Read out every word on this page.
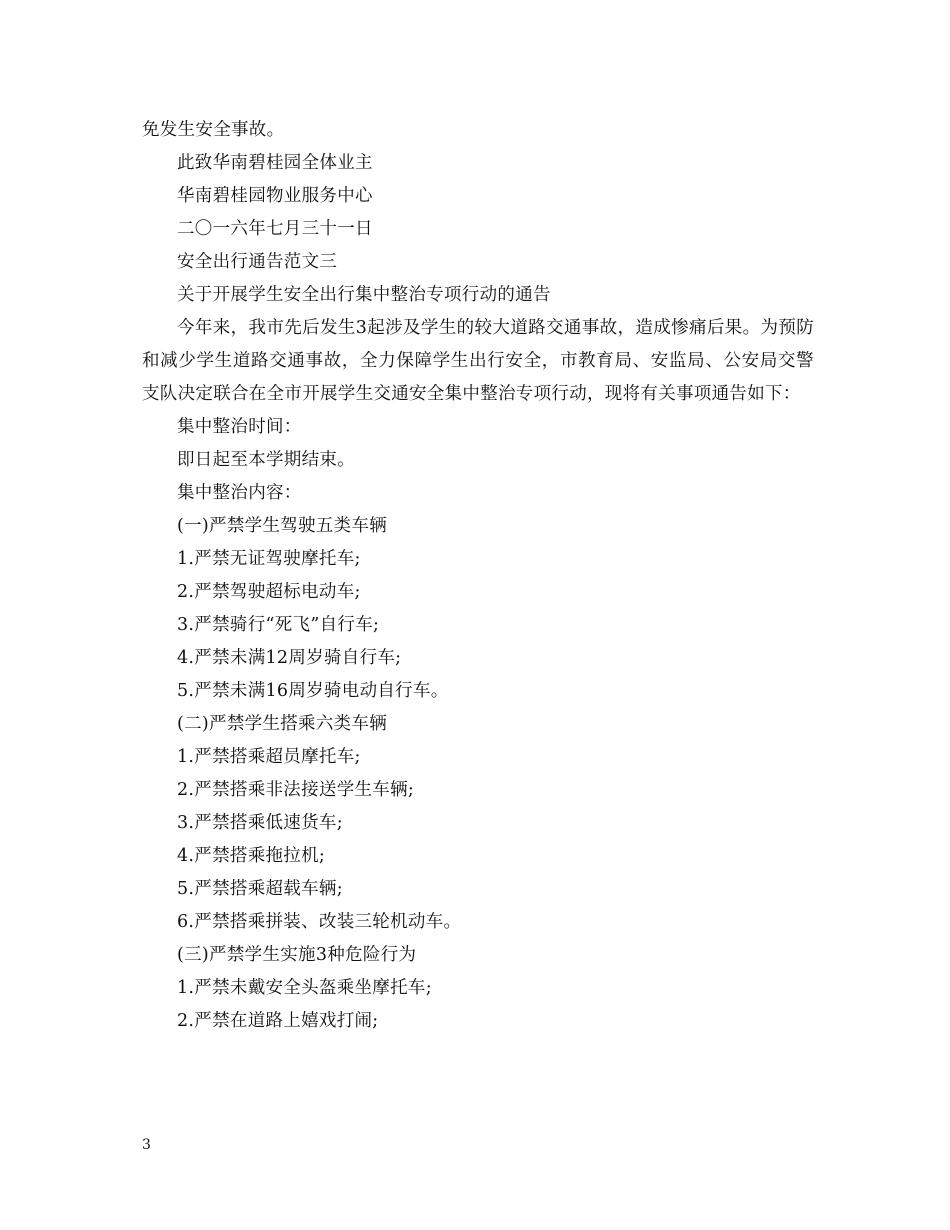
免发生安全事故。

此致华南碧桂园全体业主

华南碧桂园物业服务中心

二〇一六年七月三十一日

安全出行通告范文三

关于开展学生安全出行集中整治专项行动的通告

今年来，我市先后发生3起涉及学生的较大道路交通事故，造成惨痛后果。为预防和减少学生道路交通事故，全力保障学生出行安全，市教育局、安监局、公安局交警支队决定联合在全市开展学生交通安全集中整治专项行动，现将有关事项通告如下：

集中整治时间：

即日起至本学期结束。

集中整治内容：

(一)严禁学生驾驶五类车辆

1.严禁无证驾驶摩托车;

2.严禁驾驶超标电动车;

3.严禁骑行“死飞”自行车;

4.严禁未满12周岁骑自行车;

5.严禁未满16周岁骑电动自行车。

(二)严禁学生搭乘六类车辆

1.严禁搭乘超员摩托车;

2.严禁搭乘非法接送学生车辆;

3.严禁搭乘低速货车;

4.严禁搭乘拖拉机;

5.严禁搭乘超载车辆;

6.严禁搭乘拼装、改装三轮机动车。

(三)严禁学生实施3种危险行为

1.严禁未戴安全头盔乘坐摩托车;

2.严禁在道路上嬉戏打闹;

3
